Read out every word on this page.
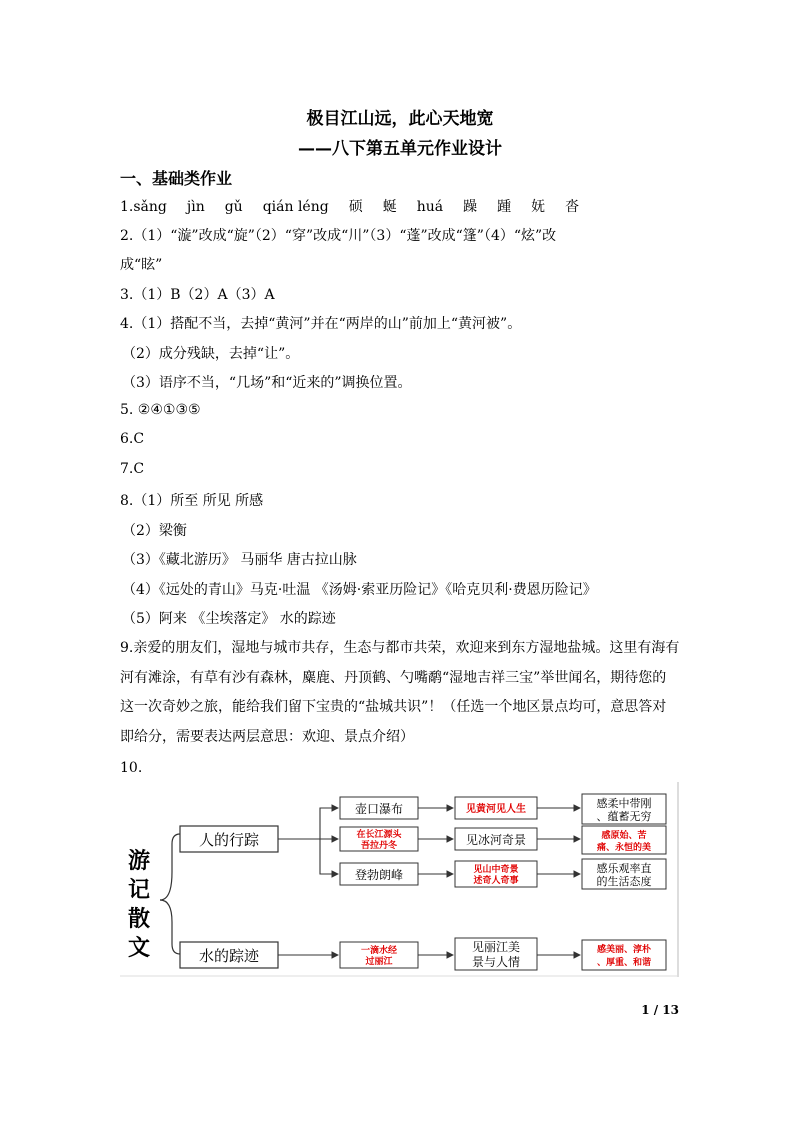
极目江山远，此心天地宽
——八下第五单元作业设计
一、基础类作业
1.sǎng jìn gǔ qián léng 硕 蜒 huá 躁 踵 妩 沓
2.（1）“漩”改成“旋”（2）“穿”改成“川”（3）“蓬”改成“篷”（4）“炫”改
成“眩”
3.（1）B（2）A（3）A
4.（1）搭配不当，去掉“黄河”并在“两岸的山”前加上“黄河被”。
（2）成分残缺，去掉“让”。
（3）语序不当，“几场”和“近来的”调换位置。
5. ②④①③⑤
6.C
7.C
8.（1）所至 所见 所感
（2）梁衡
（3）《藏北游历》 马丽华 唐古拉山脉
（4）《远处的青山》马克·吐温 《汤姆·索亚历险记》《哈克贝利·费恩历险记》
（5）阿来 《尘埃落定》 水的踪迹
9.亲爱的朋友们，湿地与城市共存，生态与都市共荣，欢迎来到东方湿地盐城。这里有海有
河有滩涂，有草有沙有森林，麋鹿、丹顶鹤、勺嘴鹬“湿地吉祥三宝”举世闻名，期待您的
这一次奇妙之旅，能给我们留下宝贵的“盐城共识”！（任选一个地区景点均可，意思答对
即给分，需要表达两层意思：欢迎、景点介绍）
10.
游
记
散
文
人的行踪
水的踪迹
壶口瀑布
在长江源头
吾拉丹冬
登勃朗峰
一滴水经
过丽江
见黄河见人生
见冰河奇景
见山中奇景
述奇人奇事
见丽江美
景与人情
感柔中带刚
、蕴蓄无穷
感原始、苦
痛、永恒的美
感乐观率直
的生活态度
感美丽、淳朴
、厚重、和谐
1 / 13
